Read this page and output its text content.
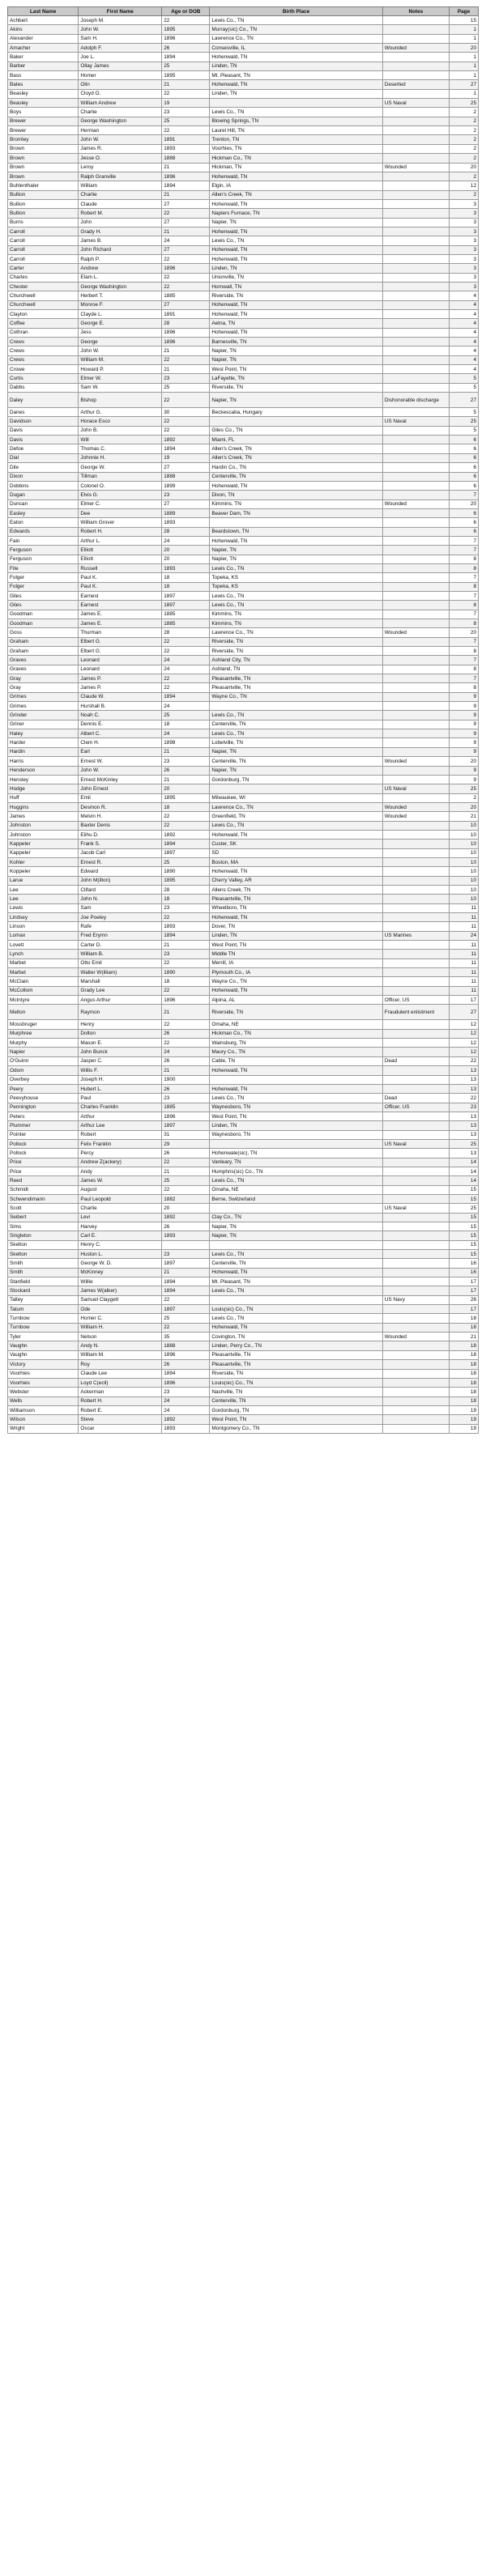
Last Name	First Name	Age or DOB	Birth Place	Notes	Page
Achbert	Joseph M.	22	Lewis Co., TN		15
Akins	John W.	1895	Murray(sic) Co., TN		1
Alexander	Sam H.	1896	Lawrence Co., TN		1
Amacher	Adolph F.	26	Consesville, IL	Wounded	20
Baker	Joe L.	1894	Hohenwald, TN		1
Barber	Ollay James	25	Linden, TN		1
Bass	Homer	1895	Mt. Pleasant, TN		1
Bates	Olin	21	Hohenwald, TN	Deserted	27
Beasley	Cloyd O.	22	Linden, TN		1
Beasley	William Andrew	19		US Naval	25
Boys	Charlie	23	Lewis Co., TN		2
Brewer	George Washington	25	Blowing Springs, TN		2
Brewer	Herman	22	Laurel Hill, TN		2
Bromley	John W.	1891	Trenton, TN		2
Brown	James R.	1893	Voorhies, TN		2
Brown	Jesse O.	1888	Hickman Co., TN		2
Brown	Leroy	21	Hickman, TN	Wounded	20
Brown	Ralph Granville	1896	Hohenwald, TN		2
Buhlenthaler	William	1894	Elgin, IA		12
Bullion	Charlie	21	Allen's Creek, TN		2
Bullion	Claude	27	Hohenwald, TN		3
Bullion	Robert M.	22	Napiers Furnace, TN		3
Burns	John	27	Napier, TN		3
Carroll	Grady H.	21	Hohenwald, TN		3
Carroll	James B.	24	Lewis Co., TN		3
Carroll	John Richard	27	Hohenwald, TN		3
Carroll	Ralph P.	22	Hohenwald, TN		3
Carter	Andrew	1896	Linden, TN		3
Charles	Elam L.	22	Unionville, TN		3
Chester	George Washington	22	Hornwall, TN		3
Churchwell	Herbert T.	1885	Riverside, TN		4
Churchwell	Monroe F.	27	Hohenwald, TN		4
Clayton	Clayde L.	1891	Hohenwald, TN		4
Coffee	George E.	28	Aetna, TN		4
Cothran	Jess	1896	Hohenwald, TN		4
Crews	George	1896	Barnesville, TN		4
Crews	John W.	21	Napier, TN		4
Crews	William M.	22	Napier, TN		4
Crowe	Howard P.	21	West Point, TN		4
Curtis	Elmer W.	23	LaFayette, TN		5
Dabbs	Sam W.	25	Riverside, TN		5
Daley	Bishop	22	Napier, TN	Dishonorable discharge	27
Danes	Arthur G.	30	Beckescaba, Hungary		5
Davidson	Horace Esco	22		US Naval	25
Davis	John B.	22	Giles Co., TN		5
Davis	Will	1892	Miami, FL		6
Defoe	Thomas C.	1894	Allen's Creek, TN		6
Dial	Johnnie H.	19	Allen's Creek, TN		6
Dile	George W.	27	Hardin Co., TN		6
Dixon	Tillman	1888	Centerville, TN		6
Dobbins	Colonel O.	1899	Hohenwald, TN		6
Dugan	Elvis G.	23	Dixon, TN		7
Duncan	Elmer C.	27	Kimmins, TN	Wounded	20
Easley	Dee	1889	Beaver Dam, TN		6
Eaton	William Grover	1893			6
Edwards	Robert H.	28	Beardstown, TN		6
Fain	Arthur L.	24	Hohenwald, TN		7
Ferguson	Elliott	20	Napier, TN		7
Ferguson	Elliott	20	Napier, TN		8
Fite	Russell	1893	Lewis Co., TN		8
Folger	Paul K.	18	Topeka, KS		7
Folger	Paul K.	18	Topeka, KS		8
Giles	Earnest	1897	Lewis Co., TN		7
Giles	Earnest	1897	Lewis Co., TN		8
Goodman	James E.	1885	Kimmins, TN		7
Goodman	James E.	1885	Kimmins, TN		8
Goss	Thurman	28	Lawrence Co., TN	Wounded	20
Graham	Elbert G.	22	Riverside, TN		7
Graham	Elbert G.	22	Riverside, TN		8
Graves	Leonard	24	Ashland City, TN		7
Graves	Leonard	24	Ashland, TN		8
Gray	James P.	22	Pleasantville, TN		7
Gray	James P.	22	Pleasantville, TN		8
Grimes	Claude W.	1894	Wayne Co., TN		9
Grimes	Hurshall B.	24			9
Grinder	Noah C.	25	Lewis Co., TN		9
Griner	Dennis E.	18	Centerville, TN		9
Haley	Albert C.	24	Lewis Co., TN		9
Harder	Clem H.	1898	Lobelville, TN		9
Hardin	Earl	21	Napier, TN		9
Harris	Ernest W.	23	Centerville, TN	Wounded	20
Henderson	John W.	26	Napier, TN		9
Hensley	Ernest McKinley	21	Gordonburg, TN		9
Hodge	John Ernest	20		US Naval	25
Huff	Emil	1895	Milwaukee, WI		2
Huggins	Desmon R.	18	Lawrence Co., TN	Wounded	20
James	Melvin H.	22	Greenfield, TN	Wounded	21
Johnston	Baxter Denis	22	Lewis Co., TN		10
Johnston	Elihu D.	1892	Hohenwald, TN		10
Kappeler	Frank S.	1894	Custer, SK		10
Kappeler	Jacob Carl	1897	SD		10
Kohler	Ernest R.	25	Boston, MA		10
Koppeler	Edward	1890	Hohenwald, TN		10
Larue	John M(ilton)	1895	Cherry Valley, AR		10
Lee	Clifard	28	Allens Creek, TN		10
Lee	John N.	18	Pleasantville, TN		10
Lewis	Sam	23	Wheelboro, TN		11
Lindsey	Joe Poeley	22	Hohenwald, TN		11
Linson	Rafe	1893	Dover, TN		11
Lomax	Fred Erymn	1894	Linden, TN	US Marines	24
Lovett	Carter D.	21	West Point, TN		11
Lynch	William B.	23	Middle TN		11
Marbet	Otto Emil	22	Merrill, IA		11
Marbet	Walter W(illiam)	1890	Plymouth Co., IA		11
McClain	Marshall	18	Wayne Co., TN		11
McCollom	Grady Lee	22	Hohenwald, TN		11
McIntyre	Angus Arthur	1896	Alpina, AL	Officer, US	17
Melton	Raymon	21	Riverside, TN	Fraudulent enlistment	27
Mossbruger	Henry	22	Omaha, NE		12
Murphree	Dolton	26	Hickman Co., TN		12
Murphy	Mason E.	22	Wainsburg, TN		12
Napier	John Bunck	24	Maury Co., TN		12
O'Guinn	Jasper C.	26	Cable, TN	Dead	22
Odom	Willis F.	21	Hohenwald, TN		13
Overbey	Joseph H.	1900			13
Peery	Hubert L.	26	Hohenwald, TN		13
Peevyhouse	Paul	23	Lewis Co., TN	Dead	22
Pennington	Charles Franklin	1885	Waynesboro, TN	Officer, US	23
Peters	Arthur	1896	West Point, TN		13
Plummer	Arthur Lee	1897	Linden, TN		13
Pointer	Robert	31	Waynesboro, TN		13
Pollock	Felix Franklin	29		US Naval	25
Pollock	Percy	26	Hohenwale(sic), TN		13
Price	Andrew Z(ackery)	22	Vanleary, TN		14
Price	Andy	21	Humphris(sic) Co., TN		14
Reed	James W.	25	Lewis Co., TN		14
Schmidt	August	22	Omaha, NE		15
Schwendimann	Paul Leopold	1882	Berne, Switzerland		15
Scott	Charlie	20		US Naval	25
Seibert	Levi	1892	Clay Co., TN		15
Sims	Harvey	26	Napier, TN		15
Singleton	Carl E.	1893	Napier, TN		15
Skelton	Henry C.				15
Skelton	Huston L.	23	Lewis Co., TN		15
Smith	George W. D.	1897	Centerville, TN		16
Smith	McKinney	21	Hohenwald, TN		16
Stanfield	Willie	1894	Mt. Pleasant, TN		17
Stockard	James W(alker)	1894	Lewis Co., TN		17
Talley	Samuel Claygett	22		US Navy	26
Tatum	Ode	1897	Louis(sic) Co., TN		17
Turnbow	Homer C.	25	Lewis Co., TN		18
Turnbow	William H.	22	Hohenwald, TN		18
Tyler	Nelson	35	Covington, TN	Wounded	21
Vaughn	Andy N.	1888	Linden, Perry Co., TN		18
Vaughn	William M.	1896	Pleasantville, TN		18
Victory	Roy	26	Pleasantville, TN		18
Voorhies	Claude Lee	1894	Riverside, TN		18
Voorhies	Loyd C(ecil)	1896	Louis(sic) Co., TN		18
Webster	Ackerman	23	Nashville, TN		18
Wells	Robert H.	24	Centerville, TN		18
Williamson	Robert E.	24	Gordonburg, TN		19
Wilson	Steve	1892	West Point, TN		19
Wright	Oscar	1893	Montgomery Co., TN		19
